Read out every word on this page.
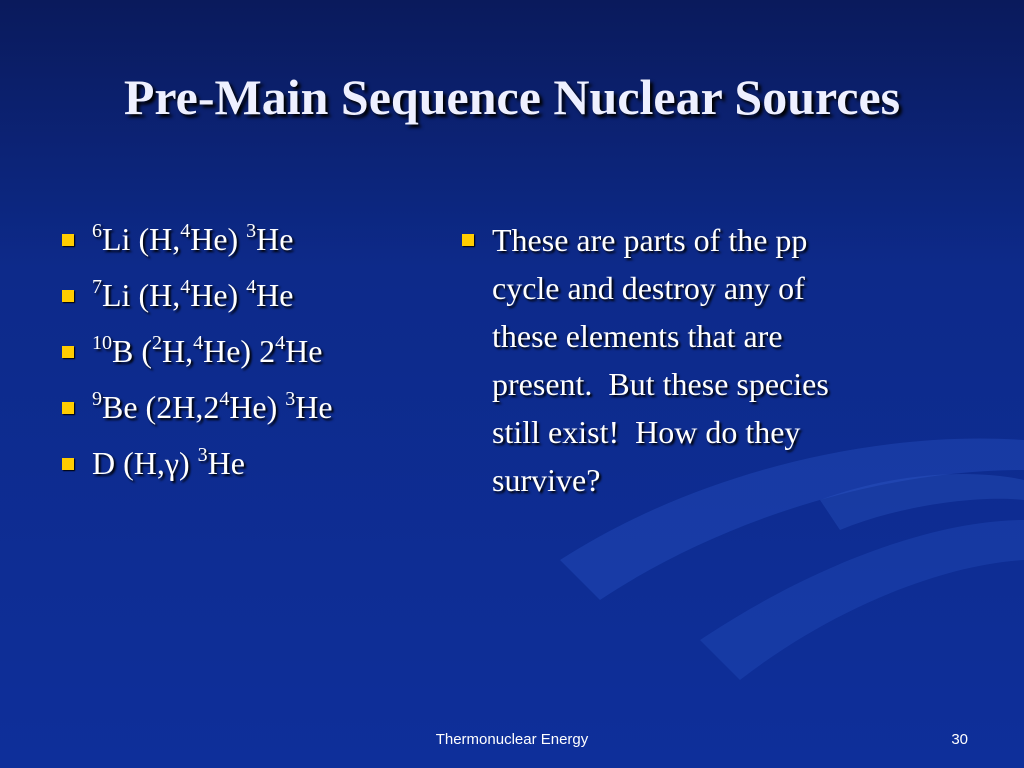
Pre-Main Sequence Nuclear Sources
$^6$Li (H,$^4$He) $^3$He
$^7$Li (H,$^4$He) $^4$He
$^{10}$B ($^2$H,$^4$He) $2^4He$
$^9$Be $(2H,2^4He)$ $^3$He
D (H,γ) $^3$He
These are parts of the pp
cycle and destroy any of
these elements that are
present.  But these species
still exist!  How do they
survive?
Thermonuclear Energy	30
